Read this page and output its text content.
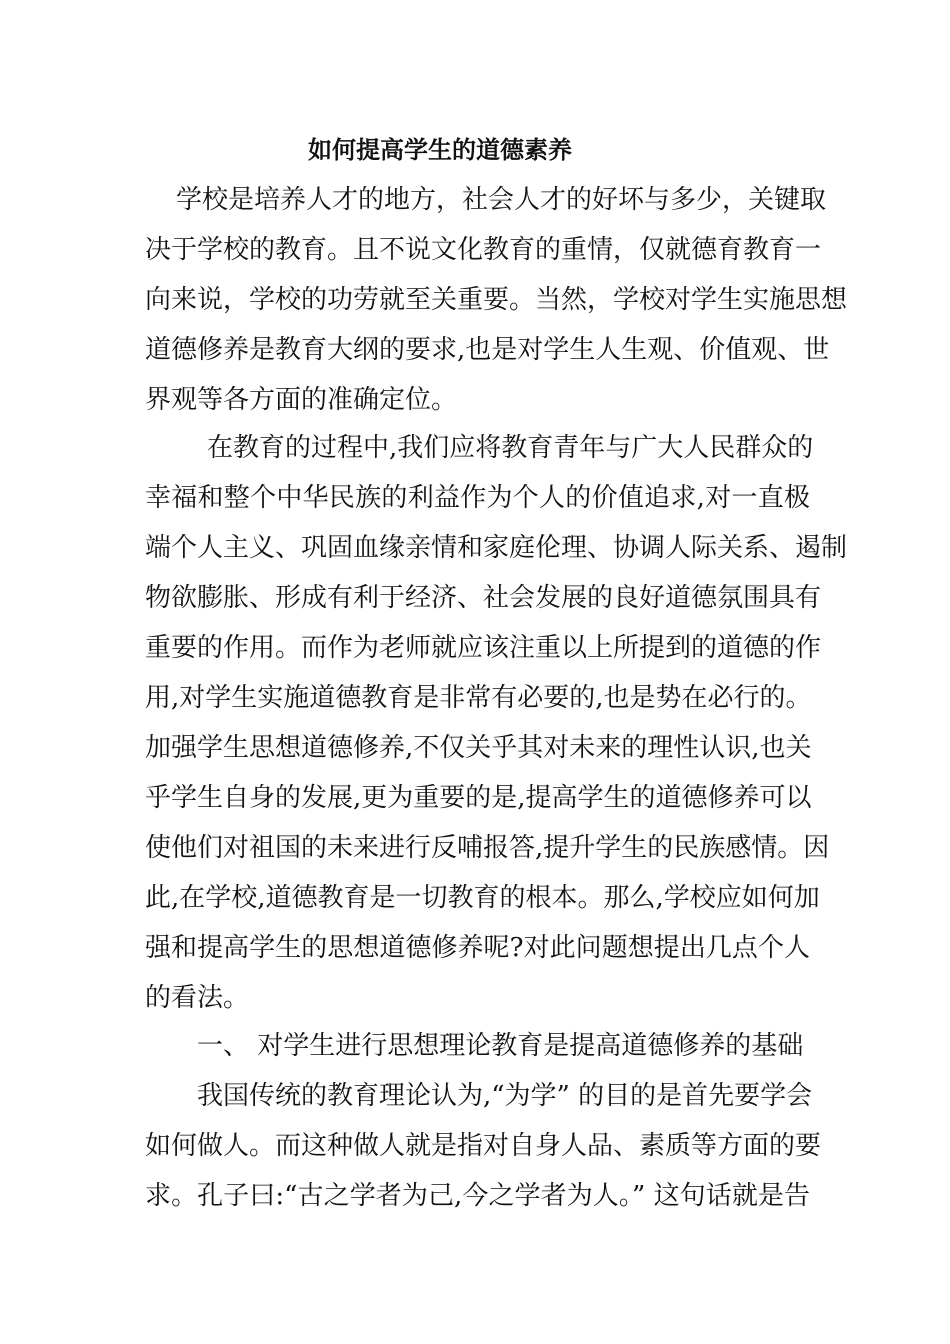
如何提高学生的道德素养

学校是培养人才的地方，社会人才的好坏与多少，关键取

决于学校的教育。且不说文化教育的重情，仅就德育教育一

向来说，学校的功劳就至关重要。当然，学校对学生实施思想

道德修养是教育大纲的要求,也是对学生人生观、价值观、世

界观等各方面的准确定位。

在教育的过程中,我们应将教育青年与广大人民群众的

幸福和整个中华民族的利益作为个人的价值追求,对一直极

端个人主义、巩固血缘亲情和家庭伦理、协调人际关系、遏制

物欲膨胀、形成有利于经济、社会发展的良好道德氛围具有

重要的作用。而作为老师就应该注重以上所提到的道德的作

用,对学生实施道德教育是非常有必要的,也是势在必行的。

加强学生思想道德修养,不仅关乎其对未来的理性认识,也关

乎学生自身的发展,更为重要的是,提高学生的道德修养可以

使他们对祖国的未来进行反哺报答,提升学生的民族感情。因

此,在学校,道德教育是一切教育的根本。那么,学校应如何加

强和提高学生的思想道德修养呢?对此问题想提出几点个人

的看法。

一、 对学生进行思想理论教育是提高道德修养的基础

我国传统的教育理论认为,“为学” 的目的是首先要学会

如何做人。而这种做人就是指对自身人品、素质等方面的要

求。孔子曰:“古之学者为己,今之学者为人。” 这句话就是告
